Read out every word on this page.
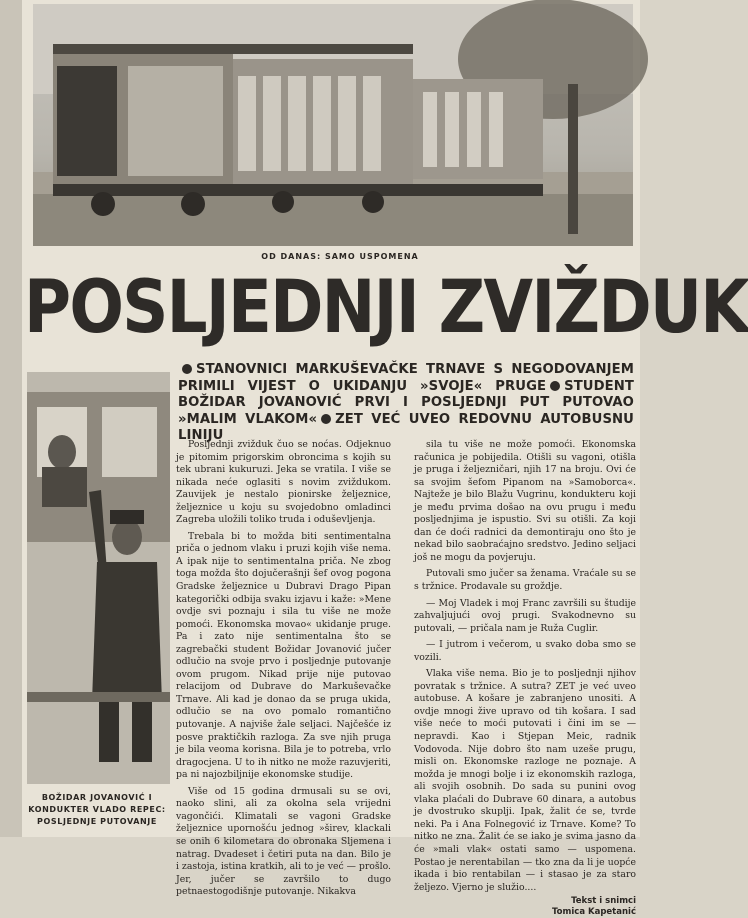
OD DANAS: SAMO USPOMENA
POSLJEDNJI ZVIŽDUK
STANOVNICI MARKUŠEVAČKE TRNAVE S NEGODOVANJEM PRIMILI VIJEST O UKIDANJU »SVOJE« PRUGE STUDENT BOŽIDAR JOVANOVIĆ PRVI I POSLJEDNJI PUT PUTOVAO »MALIM VLAKOM« ZET VEĆ UVEO REDOVNU AUTOBUSNU LINIJU
BOŽIDAR JOVANOVIĆ I
KONDUKTER VLADO REPEC:
POSLJEDNJE PUTOVANJE

Posljednji zvižduk čuo se noćas. Odjeknuo je pitomim prigorskim obroncima s kojih su tek ubrani kukuruzi. Jeka se vratila. I više se nikada neće oglasiti s novim zviždukom. Zauvijek je nestalo pionirske željeznice, željeznice u koju su svojedobno omladinci Zagreba uložili toliko truda i oduševljenja.

Trebala bi to možda biti sentimentalna priča o jednom vlaku i pruzi kojih više nema. A ipak nije to sentimentalna priča. Ne zbog toga možda što dojučerašnji šef ovog pogona Gradske željeznice u Dubravi Drago Pipan kategorički odbija svaku izjavu i kaže: »Mene ovdje svi poznaju i sila tu više ne može pomoći. Ekonomska movao« ukidanje pruge. Pa i zato nije sentimentalna što se zagrebački student Božidar Jovanović jučer odlučio na svoje prvo i posljednje putovanje ovom prugom. Nikad prije nije putovao relacijom od Dubrave do Markuševačke Trnave. Ali kad je donao da se pruga ukida, odlučio se na ovo pomalo romantično putovanje. A najviše žale seljaci. Najčešće iz posve praktičkih razloga. Za sve njih pruga je bila veoma korisna. Bila je to potreba, vrlo dragocjena. U to ih nitko ne može razuvjeriti, pa ni najozbiljnije ekonomske studije.

Više od 15 godina drmusali su se ovi, naoko slini, ali za okolna sela vrijedni vagončići. Klimatali se vagoni Gradske željeznice upornošću jednog »širev, klackali se onih 6 kilometara do obronaka Sljemena i natrag. Dvadeset i četiri puta na dan. Bilo je i zastoja, istina kratkih, ali to je već — prošlo. Jer, jučer se završilo to dugo petnaestogodišnje putovanje. Nikakva

sila tu više ne može pomoći. Ekonomska računica je pobijedila. Otišli su vagoni, otišla je pruga i željezničari, njih 17 na broju. Ovi će sa svojim šefom Pipanom na »Samoborca«. Najteže je bilo Blažu Vugrinu, kondukteru koji je među prvima došao na ovu prugu i među posljednjima je ispustio. Svi su otišli. Za koji dan će doći radnici da demontiraju ono što je nekad bilo saobraćajno sredstvo. Jedino seljaci još ne mogu da povjeruju.

Putovali smo jučer sa ženama. Vraćale su se s tržnice. Prodavale su groždje.

— Moj Vladek i moj Franc završili su študije zahvaljujući ovoj prugi. Svakodnevno su putovali, — pričala nam je Ruža Cuglir.

— I jutrom i večerom, u svako doba smo se vozili.

Vlaka više nema. Bio je to posljednji njihov povratak s tržnice. A sutra? ZET je već uveo autobuse. A košare je zabranjeno unositi. A ovdje mnogi žive upravo od tih košara. I sad više neće to moći putovati i čini im se — nepravdi. Kao i Stjepan Meic, radnik Vodovoda. Nije dobro što nam uzeše prugu, misli on. Ekonomske razloge ne poznaje. A možda je mnogi bolje i iz ekonomskih razloga, ali svojih osobnih. Do sada su punini ovog vlaka plaćali do Dubrave 60 dinara, a autobus je dvostruko skuplji. Ipak, žalit će se, tvrde neki. Pa i Ana Folnegović iz Trnave. Kome? To nitko ne zna. Žalit će se iako je svima jasno da će »mali vlak« ostati samo — uspomena. Postao je nerentabilan — tko zna da li je uopće ikada i bio rentabilan — i stasao je za staro željezo. Vjerno je služio....

Tekst i snimci
Tomica Kapetanić
